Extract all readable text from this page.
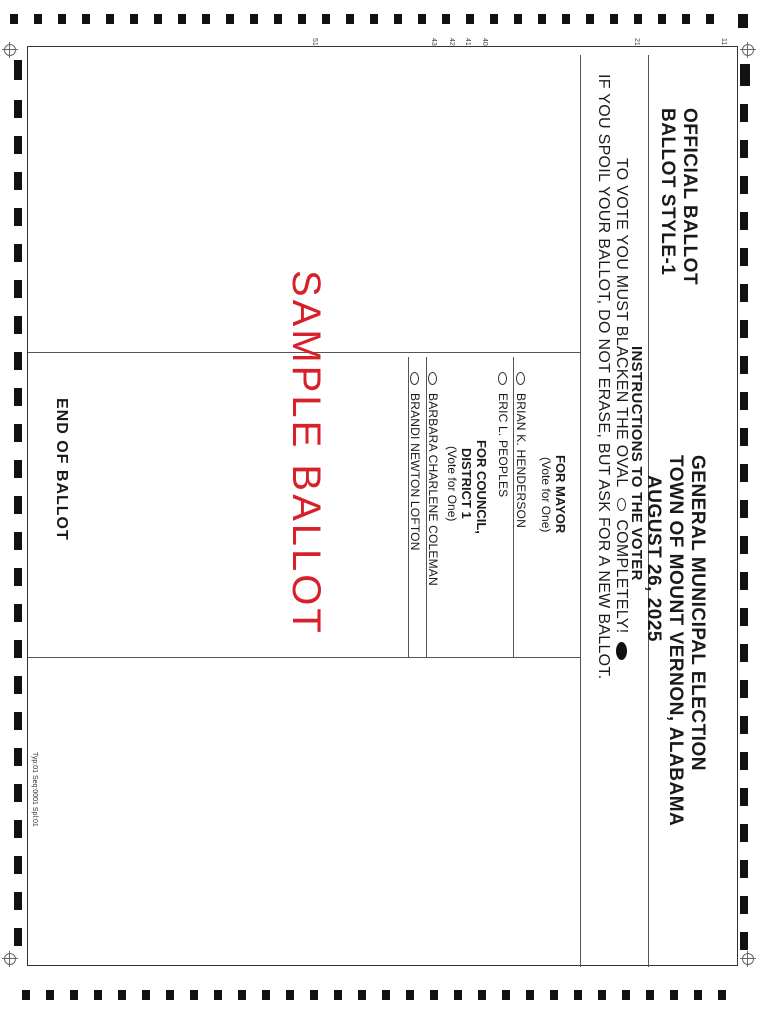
11
21
40
41
42
43
51
OFFICIAL BALLOT
BALLOT STYLE-1
GENERAL MUNICIPAL ELECTION
TOWN OF MOUNT VERNON, ALABAMA
AUGUST 26, 2025
INSTRUCTIONS TO THE VOTER
TO VOTE YOU MUST BLACKEN THE OVAL  COMPLETELY!
IF YOU SPOIL YOUR BALLOT, DO NOT ERASE, BUT ASK FOR A NEW BALLOT.
FOR MAYOR
(Vote for One)
BRIAN K. HENDERSON
ERIC L. PEOPLES
FOR COUNCIL,
DISTRICT 1
(Vote for One)
BARBARA CHARLENE COLEMAN
BRANDI NEWTON LOFTON
SAMPLE BALLOT
END OF BALLOT
Typ:01 Seq:0001 Spl:01
